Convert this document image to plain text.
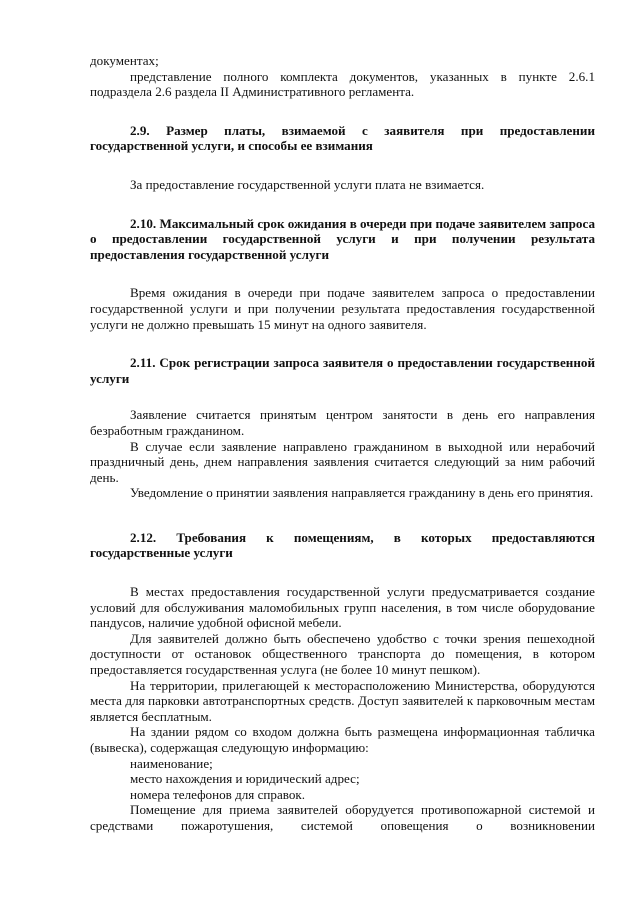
документах;

представление полного комплекта документов, указанных в пункте 2.6.1 подраздела 2.6 раздела II Административного регламента.

2.9. Размер платы, взимаемой с заявителя при предоставлении государственной услуги, и способы ее взимания

За предоставление государственной услуги плата не взимается.

2.10. Максимальный срок ожидания в очереди при подаче заявителем запроса о предоставлении государственной услуги и при получении результата предоставления государственной услуги

Время ожидания в очереди при подаче заявителем запроса о предоставлении государственной услуги и при получении результата предоставления государственной услуги не должно превышать 15 минут на одного заявителя.

2.11. Срок регистрации запроса заявителя о предоставлении государственной услуги

Заявление считается принятым центром занятости в день его направления безработным гражданином.

В случае если заявление направлено гражданином в выходной или нерабочий праздничный день, днем направления заявления считается следующий за ним рабочий день.

Уведомление о принятии заявления направляется гражданину в день его принятия.

2.12. Требования к помещениям, в которых предоставляются государственные услуги

В местах предоставления государственной услуги предусматривается создание условий для обслуживания маломобильных групп населения, в том числе оборудование пандусов, наличие удобной офисной мебели.

Для заявителей должно быть обеспечено удобство с точки зрения пешеходной доступности от остановок общественного транспорта до помещения, в котором предоставляется государственная услуга (не более 10 минут пешком).

На территории, прилегающей к месторасположению Министерства, оборудуются места для парковки автотранспортных средств. Доступ заявителей к парковочным местам является бесплатным.

На здании рядом со входом должна быть размещена информационная табличка (вывеска), содержащая следующую информацию:

наименование;

место нахождения и юридический адрес;

номера телефонов для справок.

Помещение для приема заявителей оборудуется противопожарной системой и средствами пожаротушения, системой оповещения о возникновении
